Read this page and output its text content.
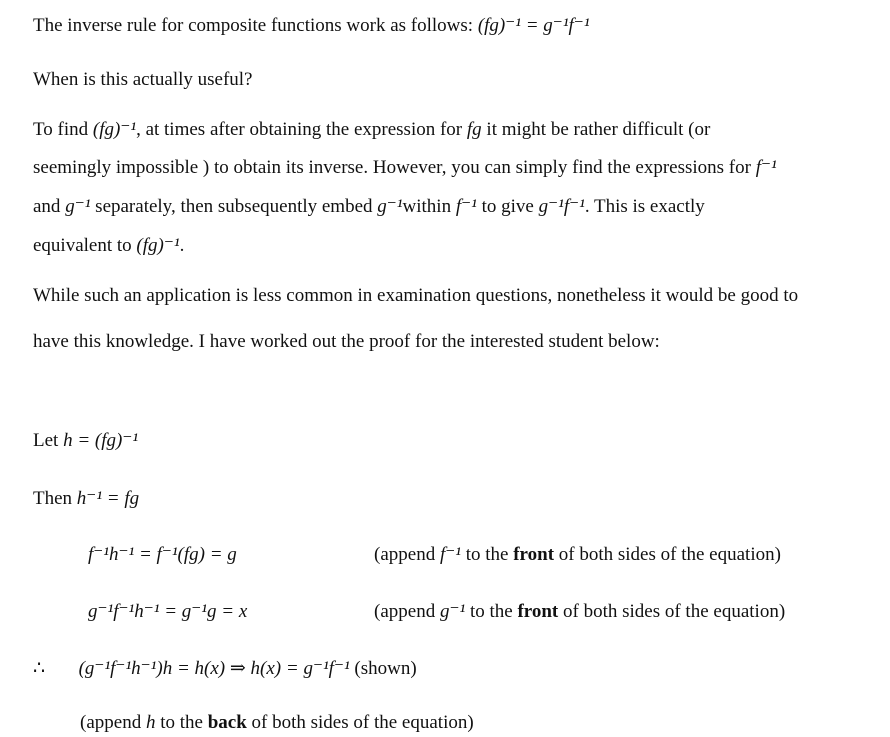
The inverse rule for composite functions work as follows: (fg)⁻¹ = g⁻¹f⁻¹
When is this actually useful?
To find (fg)⁻¹, at times after obtaining the expression for fg it might be rather difficult (or
seemingly impossible ) to obtain its inverse. However, you can simply find the expressions for f⁻¹
and g⁻¹ separately, then subsequently embed g⁻¹within f⁻¹ to give g⁻¹f⁻¹. This is exactly
equivalent to (fg)⁻¹.
While such an application is less common in examination questions, nonetheless it would be good to
have this knowledge. I have worked out the proof for the interested student below:
Let h = (fg)⁻¹
Then h⁻¹ = fg
f⁻¹h⁻¹ = f⁻¹(fg) = g	(append f⁻¹ to the front of both sides of the equation)
g⁻¹f⁻¹h⁻¹ = g⁻¹g = x	(append g⁻¹ to the front of both sides of the equation)
∴ (g⁻¹f⁻¹h⁻¹)h = h(x) ⇒ h(x) = g⁻¹f⁻¹ (shown)
(append h to the back of both sides of the equation)
